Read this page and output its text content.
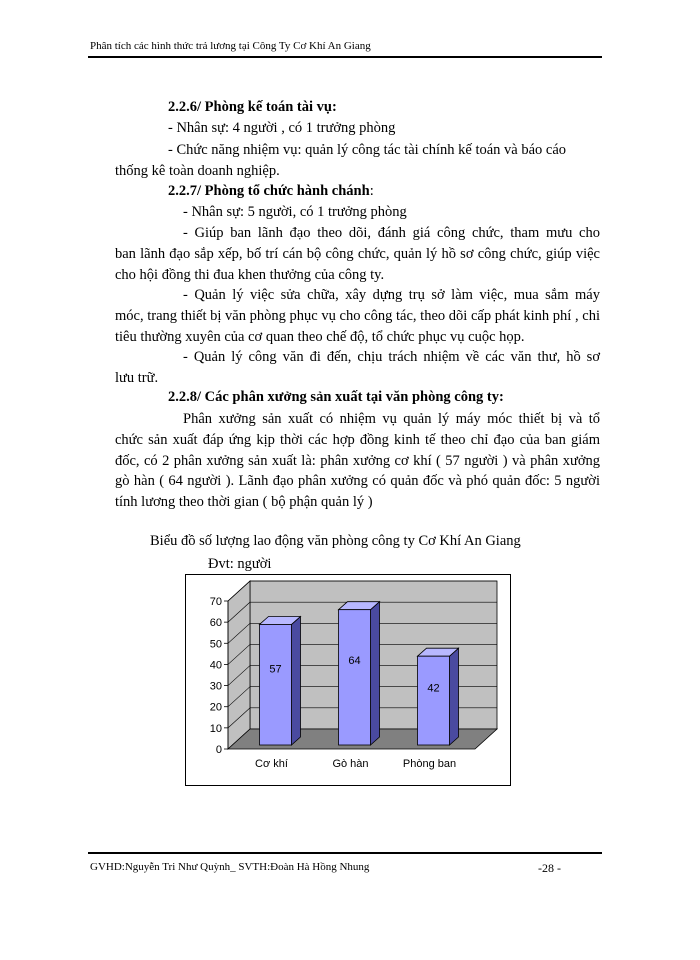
Phân tích các hình thức trả lương tại Công Ty Cơ Khí An Giang
2.2.6/ Phòng kế toán tài vụ:
- Nhân sự: 4 người , có 1 trưởng phòng
- Chức năng nhiệm vụ: quản lý công tác tài chính kế toán và báo cáo
thống kê toàn doanh nghiệp.
2.2.7/ Phòng tổ chức hành chánh:
- Nhân sự: 5 người, có 1 trưởng phòng
- Giúp ban lãnh đạo theo dõi, đánh giá công chức, tham mưu cho

ban lãnh đạo sắp xếp, bố trí cán bộ công chức, quản lý hồ sơ công chức, giúp việc cho hội đồng thi đua khen thưởng của công ty.

- Quản lý việc sửa chữa, xây dựng trụ sở làm việc, mua sắm máy

móc, trang thiết bị văn phòng phục vụ cho công tác, theo dõi cấp phát kinh phí , chi tiêu thường xuyên của cơ quan theo chế độ, tổ chức phục vụ cuộc họp.

- Quản lý công văn đi đến, chịu trách nhiệm về các văn thư, hồ sơ

lưu trữ.

2.2.8/ Các phân xưởng sản xuất tại văn phòng công ty:
Phân xưởng sản xuất có nhiệm vụ quản lý máy móc thiết bị và tổ

chức sản xuất đáp ứng kịp thời các hợp đồng kinh tế theo chỉ đạo của ban giám đốc, có 2 phân xưởng sản xuất là: phân xưởng cơ khí ( 57 người ) và phân xưởng gò hàn ( 64 người ). Lãnh đạo phân xưởng có quản đốc và phó quản đốc: 5 người tính lương theo thời gian ( bộ phận quản lý )

Biểu đồ số lượng lao động văn phòng công ty Cơ Khí An Giang
Đvt: người
0
10
20
30
40
50
60
70
57
64
42
Cơ khí	Gò hàn	Phòng ban
GVHD:Nguyễn Tri Như Quỳnh_ SVTH:Đoàn Hà Hồng Nhung	-28 -
